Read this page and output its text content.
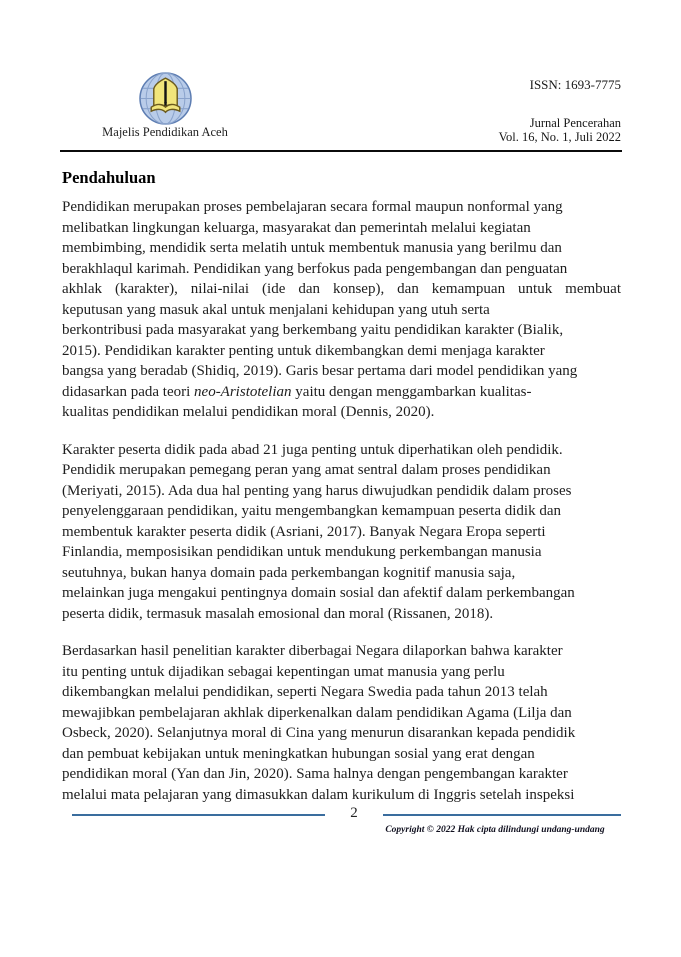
Majelis Pendidikan Aceh
ISSN: 1693-7775
Jurnal Pencerahan
Vol. 16, No. 1, Juli 2022
Pendahuluan
Pendidikan merupakan proses pembelajaran secara formal maupun nonformal yang
melibatkan lingkungan keluarga, masyarakat dan pemerintah melalui kegiatan
membimbing, mendidik serta melatih untuk membentuk manusia yang berilmu dan
berakhlaqul karimah. Pendidikan yang berfokus pada pengembangan dan penguatan
akhlak (karakter), nilai-nilai (ide dan konsep), dan kemampuan untuk membuat
keputusan yang masuk akal untuk menjalani kehidupan yang utuh serta
berkontribusi pada masyarakat yang berkembang yaitu pendidikan karakter (Bialik,
2015). Pendidikan karakter penting untuk dikembangkan demi menjaga karakter
bangsa yang beradab (Shidiq, 2019). Garis besar pertama dari model pendidikan yang
didasarkan pada teori neo-Aristotelian yaitu dengan menggambarkan kualitas-
kualitas pendidikan melalui pendidikan moral (Dennis, 2020).
Karakter peserta didik pada abad 21 juga penting untuk diperhatikan oleh pendidik.
Pendidik merupakan pemegang peran yang amat sentral dalam proses pendidikan
(Meriyati, 2015). Ada dua hal penting yang harus diwujudkan pendidik dalam proses
penyelenggaraan pendidikan, yaitu mengembangkan kemampuan peserta didik dan
membentuk karakter peserta didik (Asriani, 2017). Banyak Negara Eropa seperti
Finlandia, memposisikan pendidikan untuk mendukung perkembangan manusia
seutuhnya, bukan hanya domain pada perkembangan kognitif manusia saja,
melainkan juga mengakui pentingnya domain sosial dan afektif dalam perkembangan
peserta didik, termasuk masalah emosional dan moral (Rissanen, 2018).
Berdasarkan hasil penelitian karakter diberbagai Negara dilaporkan bahwa karakter
itu penting untuk dijadikan sebagai kepentingan umat manusia yang perlu
dikembangkan melalui pendidikan, seperti Negara Swedia pada tahun 2013 telah
mewajibkan pembelajaran akhlak diperkenalkan dalam pendidikan Agama (Lilja dan
Osbeck, 2020). Selanjutnya moral di Cina yang menurun disarankan kepada pendidik
dan pembuat kebijakan untuk meningkatkan hubungan sosial yang erat dengan
pendidikan moral (Yan dan Jin, 2020). Sama halnya dengan pengembangan karakter
melalui mata pelajaran yang dimasukkan dalam kurikulum di Inggris setelah inspeksi
2
Copyright © 2022 Hak cipta dilindungi undang-undang
